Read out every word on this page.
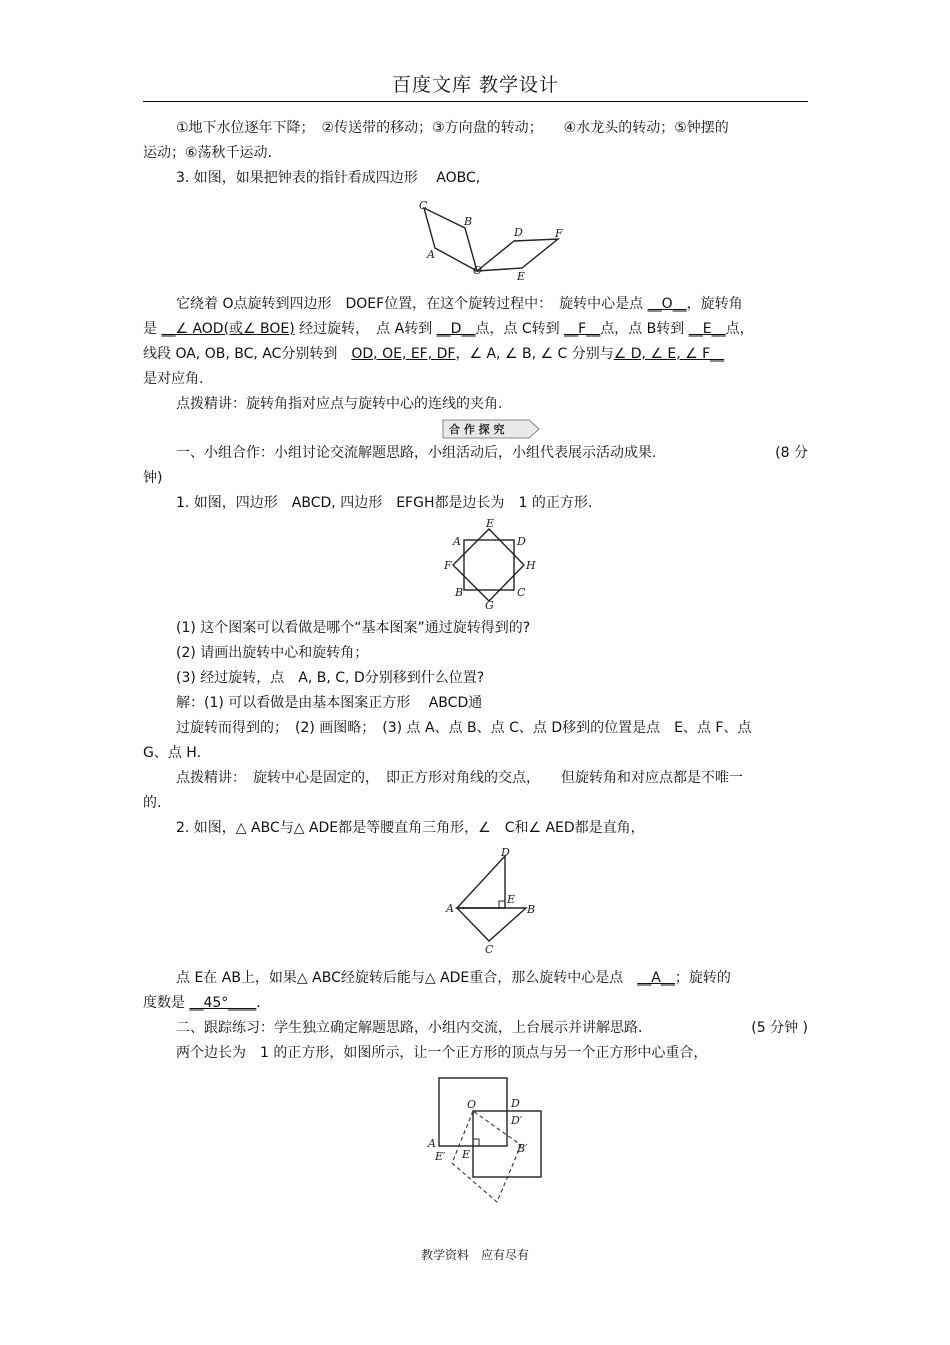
百度文库 教学设计
①地下水位逐年下降；　②传送带的移动；③方向盘的转动；　　④水龙头的转动；⑤钟摆的
运动；⑥荡秋千运动.
3. 如图，如果把钟表的指针看成四边形　 AOBC,
C
B
A
O
D	F
E
它绕着 O点旋转到四边形　DOEF位置，在这个旋转过程中：　旋转中心是点 __O__，旋转角
是 __∠ AOD(或∠ BOE) 经过旋转，　点 A转到 __D__点，点 C转到 __F__点，点 B转到 __E__点，
线段 OA, OB, BC, AC分别转到　OD, OE, EF, DF，∠ A, ∠ B, ∠ C 分别与∠ D, ∠ E, ∠ F__
是对应角.
点拨精讲：旋转角指对应点与旋转中心的连线的夹角.
合 作 探 究
一、小组合作：小组讨论交流解题思路，小组活动后，小组代表展示活动成果.	(8 分
钟)
1. 如图，四边形　ABCD, 四边形　EFGH都是边长为　1 的正方形.
E
A	D
F	H
B	C
G
(1) 这个图案可以看做是哪个“基本图案”通过旋转得到的?
(2) 请画出旋转中心和旋转角；
(3) 经过旋转，点　A, B, C, D分别移到什么位置?
解：(1) 可以看做是由基本图案正方形　 ABCD通
过旋转而得到的；　(2) 画图略；　(3) 点 A、点 B、点 C、点 D移到的位置是点　E、点 F、点
G、点 H.
点拨精讲：　旋转中心是固定的，　即正方形对角线的交点，　　但旋转角和对应点都是不唯一
的.
2. 如图，△ ABC与△ ADE都是等腰直角三角形，∠　C和∠ AED都是直角，
D
E
A	B
C
点 E在 AB上，如果△ ABC经旋转后能与△ ADE重合，那么旋转中心是点　__A__；旋转的
度数是 __45°____.
二、跟踪练习：学生独立确定解题思路，小组内交流，上台展示并讲解思路.	(5 分钟 )
两个边长为　1 的正方形，如图所示，让一个正方形的顶点与另一个正方形中心重合，
O	D
D′
A
E′ E	B′
教学资料　应有尽有
